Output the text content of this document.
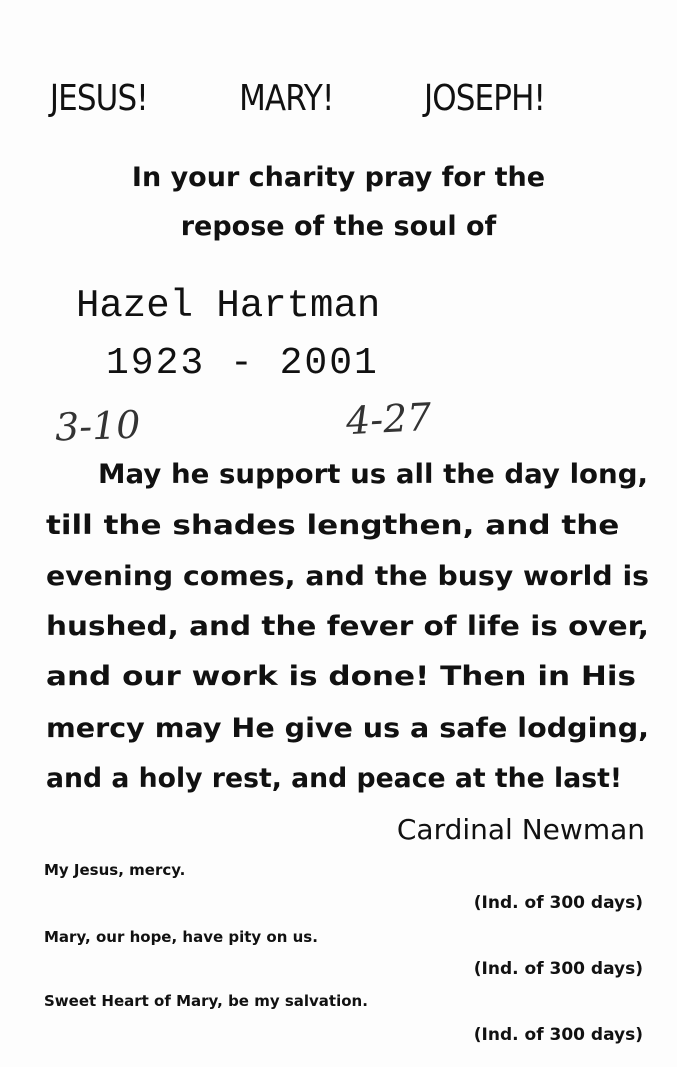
JESUS!	MARY!	JOSEPH!
In your charity pray for the
repose of the soul of
Hazel Hartman
1923 - 2001
3-10	4-27
May he support us all the day long,
till the shades lengthen, and the
evening comes, and the busy world is
hushed, and the fever of life is over,
and our work is done! Then in His
mercy may He give us a safe lodging,
and a holy rest, and peace at the last!
Cardinal Newman
My Jesus, mercy.
(Ind. of 300 days)
Mary, our hope, have pity on us.
(Ind. of 300 days)
Sweet Heart of Mary, be my salvation.
(Ind. of 300 days)
